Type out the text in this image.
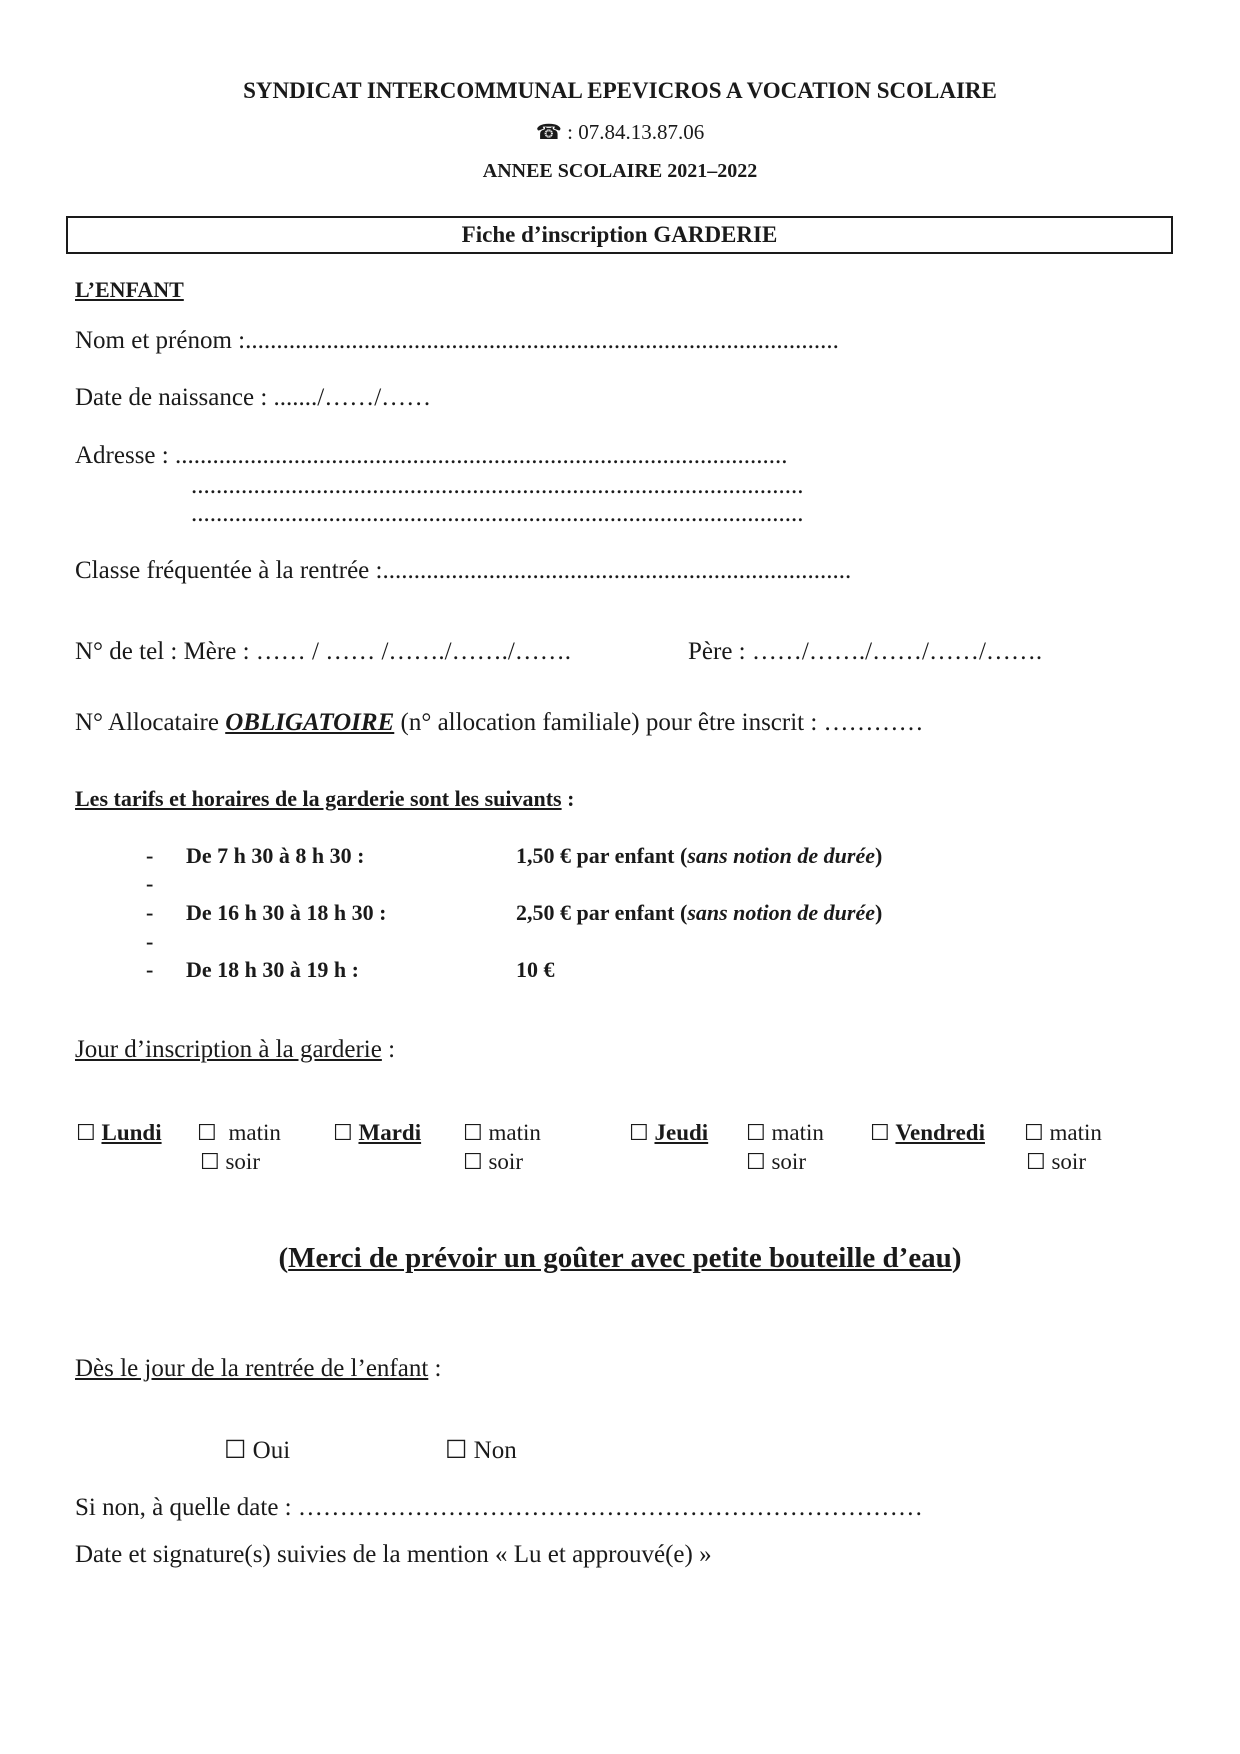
SYNDICAT INTERCOMMUNAL EPEVICROS A VOCATION SCOLAIRE
☎ : 07.84.13.87.06
ANNEE SCOLAIRE 2021–2022
Fiche d’inscription GARDERIE
L’ENFANT
Nom et prénom :...............................................................................................
Date de naissance : ......./……/……
Adresse : ..................................................................................................
..................................................................................................
..................................................................................................
Classe fréquentée à la rentrée :...........................................................................
N° de tel : Mère : …… / …… /……./……./…….	Père : ……/……./……/……/…….
N° Allocataire OBLIGATOIRE (n° allocation familiale) pour être inscrit : …………
Les tarifs et horaires de la garderie sont les suivants :
-
-
-
-
-
De 7 h 30 à 8 h 30 :	1,50 € par enfant (sans notion de durée)
De 16 h 30 à 18 h 30 :	2,50 € par enfant (sans notion de durée)
De 18 h 30 à 19 h :	10 €
Jour d’inscription à la garderie :
☐ Lundi ☐ matin
☐ soir
☐ Mardi ☐ matin
☐ soir
☐ Jeudi ☐ matin
☐ soir
☐ Vendredi ☐ matin
☐ soir
(Merci de prévoir un goûter avec petite bouteille d’eau)
Dès le jour de la rentrée de l’enfant :
☐ Oui	☐ Non
Si non, à quelle date : …………………………………………………………………
Date et signature(s) suivies de la mention « Lu et approuvé(e) »
